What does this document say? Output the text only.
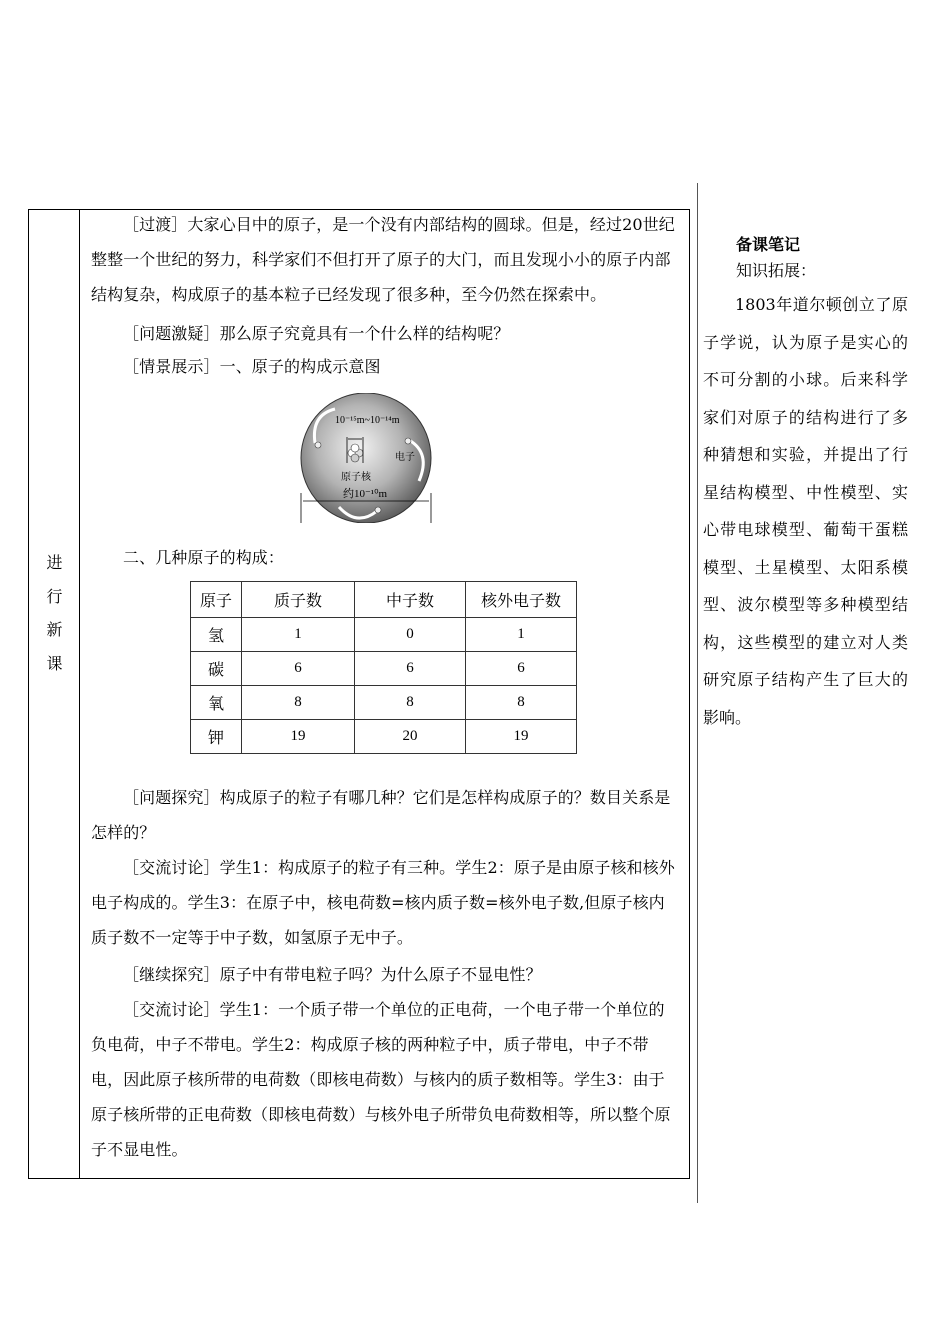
进
行
新
课

［过渡］大家心目中的原子，是一个没有内部结构的圆球。但是，经过20世纪整整一个世纪的努力，科学家们不但打开了原子的大门，而且发现小小的原子内部结构复杂，构成原子的基本粒子已经发现了很多种，至今仍然在探索中。

［问题激疑］那么原子究竟具有一个什么样的结构呢？

［情景展示］一、原子的构成示意图

10⁻¹⁵m~10⁻¹⁴m
电子
原子核
约10⁻¹⁰m

二、几种原子的构成：

原子	质子数	中子数	核外电子数
氢	1	0	1
碳	6	6	6
氧	8	8	8
钾	19	20	19

［问题探究］构成原子的粒子有哪几种？它们是怎样构成原子的？数目关系是怎样的？

［交流讨论］学生1：构成原子的粒子有三种。学生2：原子是由原子核和核外电子构成的。学生3：在原子中，核电荷数=核内质子数=核外电子数,但原子核内质子数不一定等于中子数，如氢原子无中子。

［继续探究］原子中有带电粒子吗？为什么原子不显电性？

［交流讨论］学生1：一个质子带一个单位的正电荷，一个电子带一个单位的负电荷，中子不带电。学生2：构成原子核的两种粒子中，质子带电，中子不带电，因此原子核所带的电荷数（即核电荷数）与核内的质子数相等。学生3：由于原子核所带的正电荷数（即核电荷数）与核外电子所带负电荷数相等，所以整个原子不显电性。

备课笔记
知识拓展：

1803年道尔顿创立了原子学说，认为原子是实心的不可分割的小球。后来科学家们对原子的结构进行了多种猜想和实验，并提出了行星结构模型、中性模型、实心带电球模型、葡萄干蛋糕模型、土星模型、太阳系模型、波尔模型等多种模型结构，这些模型的建立对人类研究原子结构产生了巨大的影响。
